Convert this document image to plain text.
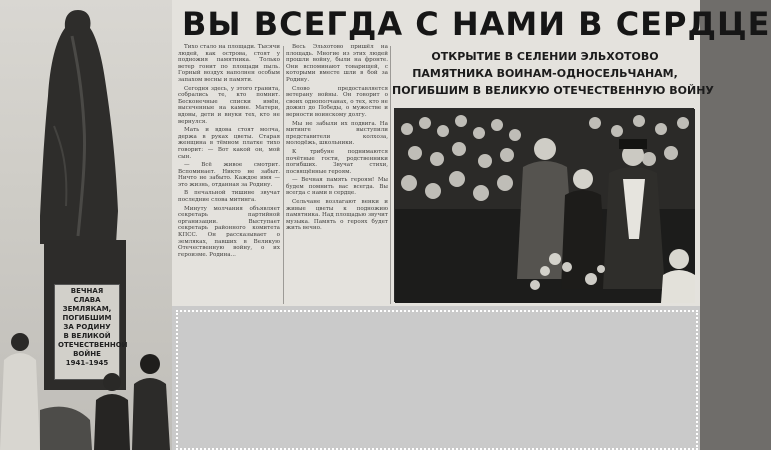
ВЕЧНАЯ СЛАВА
ЗЕМЛЯКАМ,
ПОГИБШИМ
ЗА РОДИНУ
В ВЕЛИКОЙ
ОТЕЧЕСТВЕННОЙ
ВОЙНЕ
1941–1945
ВЫ ВСЕГДА С НАМИ В СЕРДЦЕ

Тихо стало на площади. Тысячи людей, как острова, стоят у подножия памятника. Только ветер гонит по площади пыль. Горный воздух наполнен особым запахом весны и памяти.

Сегодня здесь, у этого гранита, собрались те, кто помнит. Бесконечные списки имён, высеченные на камне. Матери, вдовы, дети и внуки тех, кто не вернулся.

Мать и вдова стоят молча, держа в руках цветы. Старая женщина в тёмном платке тихо говорит: — Вот какой он, мой сын.

— Всё живое смотрит. Вспоминает. Никто не забыт. Ничто не забыто. Каждое имя — это жизнь, отданная за Родину.

В печальной тишине звучат последние слова митинга.

Минуту молчания объявляет секретарь партийной организации. Выступает секретарь районного комитета КПСС. Он рассказывает о земляках, павших в Великую Отечественную войну, о их героизме. Родина...

Весь Эльхотово пришёл на площадь. Многие из этих людей прошли войну, были на фронте. Они вспоминают товарищей, с которыми вместе шли в бой за Родину.

Слово предоставляется ветерану войны. Он говорит о своих однополчанах, о тех, кто не дожил до Победы, о мужестве и верности воинскому долгу.

Мы не забыли их подвига. На митинге выступили представители колхоза, молодёжь, школьники.

К трибуне поднимаются почётные гости, родственники погибших. Звучат стихи, посвящённые героям.

— Вечная память героям! Мы будем помнить вас всегда. Вы всегда с нами в сердце.

Сельчане возлагают венки и живые цветы к подножию памятника. Над площадью звучит музыка. Память о героях будет жить вечно.

ОТКРЫТИЕ В СЕЛЕНИИ ЭЛЬХОТОВО
ПАМЯТНИКА ВОИНАМ-ОДНОСЕЛЬЧАНАМ,
ПОГИБШИМ В ВЕЛИКУЮ ОТЕЧЕСТВЕННУЮ ВОЙНУ
